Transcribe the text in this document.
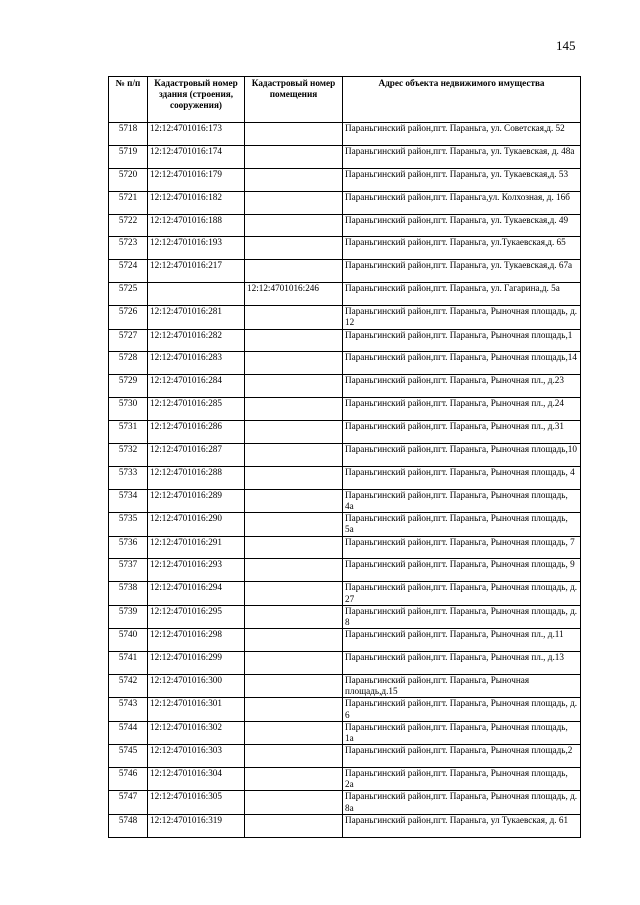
145
№ п/п	Кадастровый номер здания (строения, сооружения)	Кадастровый номер помещения	Адрес объекта недвижимого имущества
5718	12:12:4701016:173		Параньгинский район,пгт. Параньга, ул. Советская,д. 52
5719	12:12:4701016:174		Параньгинский район,пгт. Параньга, ул. Тукаевская, д. 48а
5720	12:12:4701016:179		Параньгинский район,пгт. Параньга, ул. Тукаевская,д. 53
5721	12:12:4701016:182		Параньгинский район,пгт. Параньга,ул. Колхозная, д. 16б
5722	12:12:4701016:188		Параньгинский район,пгт. Параньга, ул. Тукаевская,д. 49
5723	12:12:4701016:193		Параньгинский район,пгт. Параньга, ул.Тукаевская,д. 65
5724	12:12:4701016:217		Параньгинский район,пгт. Параньга, ул. Тукаевская,д. 67а
5725		12:12:4701016:246	Параньгинский район,пгт. Параньга, ул. Гагарина,д. 5а
5726	12:12:4701016:281		Параньгинский район,пгт. Параньга, Рыночная площадь, д. 12
5727	12:12:4701016:282		Параньгинский район,пгт. Параньга, Рыночная площадь,1
5728	12:12:4701016:283		Параньгинский район,пгт. Параньга, Рыночная площадь,14
5729	12:12:4701016:284		Параньгинский район,пгт. Параньга, Рыночная пл., д.23
5730	12:12:4701016:285		Параньгинский район,пгт. Параньга, Рыночная пл., д.24
5731	12:12:4701016:286		Параньгинский район,пгт. Параньга, Рыночная пл., д.31
5732	12:12:4701016:287		Параньгинский район,пгт. Параньга, Рыночная площадь,10
5733	12:12:4701016:288		Параньгинский район,пгт. Параньга, Рыночная площадь, 4
5734	12:12:4701016:289		Параньгинский район,пгт. Параньга, Рыночная площадь, 4а
5735	12:12:4701016:290		Параньгинский район,пгт. Параньга, Рыночная площадь, 5а
5736	12:12:4701016:291		Параньгинский район,пгт. Параньга, Рыночная площадь, 7
5737	12:12:4701016:293		Параньгинский район,пгт. Параньга, Рыночная площадь, 9
5738	12:12:4701016:294		Параньгинский район,пгт. Параньга, Рыночная площадь, д. 27
5739	12:12:4701016:295		Параньгинский район,пгт. Параньга, Рыночная площадь, д. 8
5740	12:12:4701016:298		Параньгинский район,пгт. Параньга, Рыночная пл., д.11
5741	12:12:4701016:299		Параньгинский район,пгт. Параньга, Рыночная пл., д.13
5742	12:12:4701016:300		Параньгинский район,пгт. Параньга, Рыночная площадь,д.15
5743	12:12:4701016:301		Параньгинский район,пгт. Параньга, Рыночная площадь, д. 6
5744	12:12:4701016:302		Параньгинский район,пгт. Параньга, Рыночная площадь, 1а
5745	12:12:4701016:303		Параньгинский район,пгт. Параньга, Рыночная площадь,2
5746	12:12:4701016:304		Параньгинский район,пгт. Параньга, Рыночная площадь, 2а
5747	12:12:4701016:305		Параньгинский район,пгт. Параньга, Рыночная площадь, д. 8а
5748	12:12:4701016:319		Параньгинский район,пгт. Параньга, ул Тукаевская, д. 61
